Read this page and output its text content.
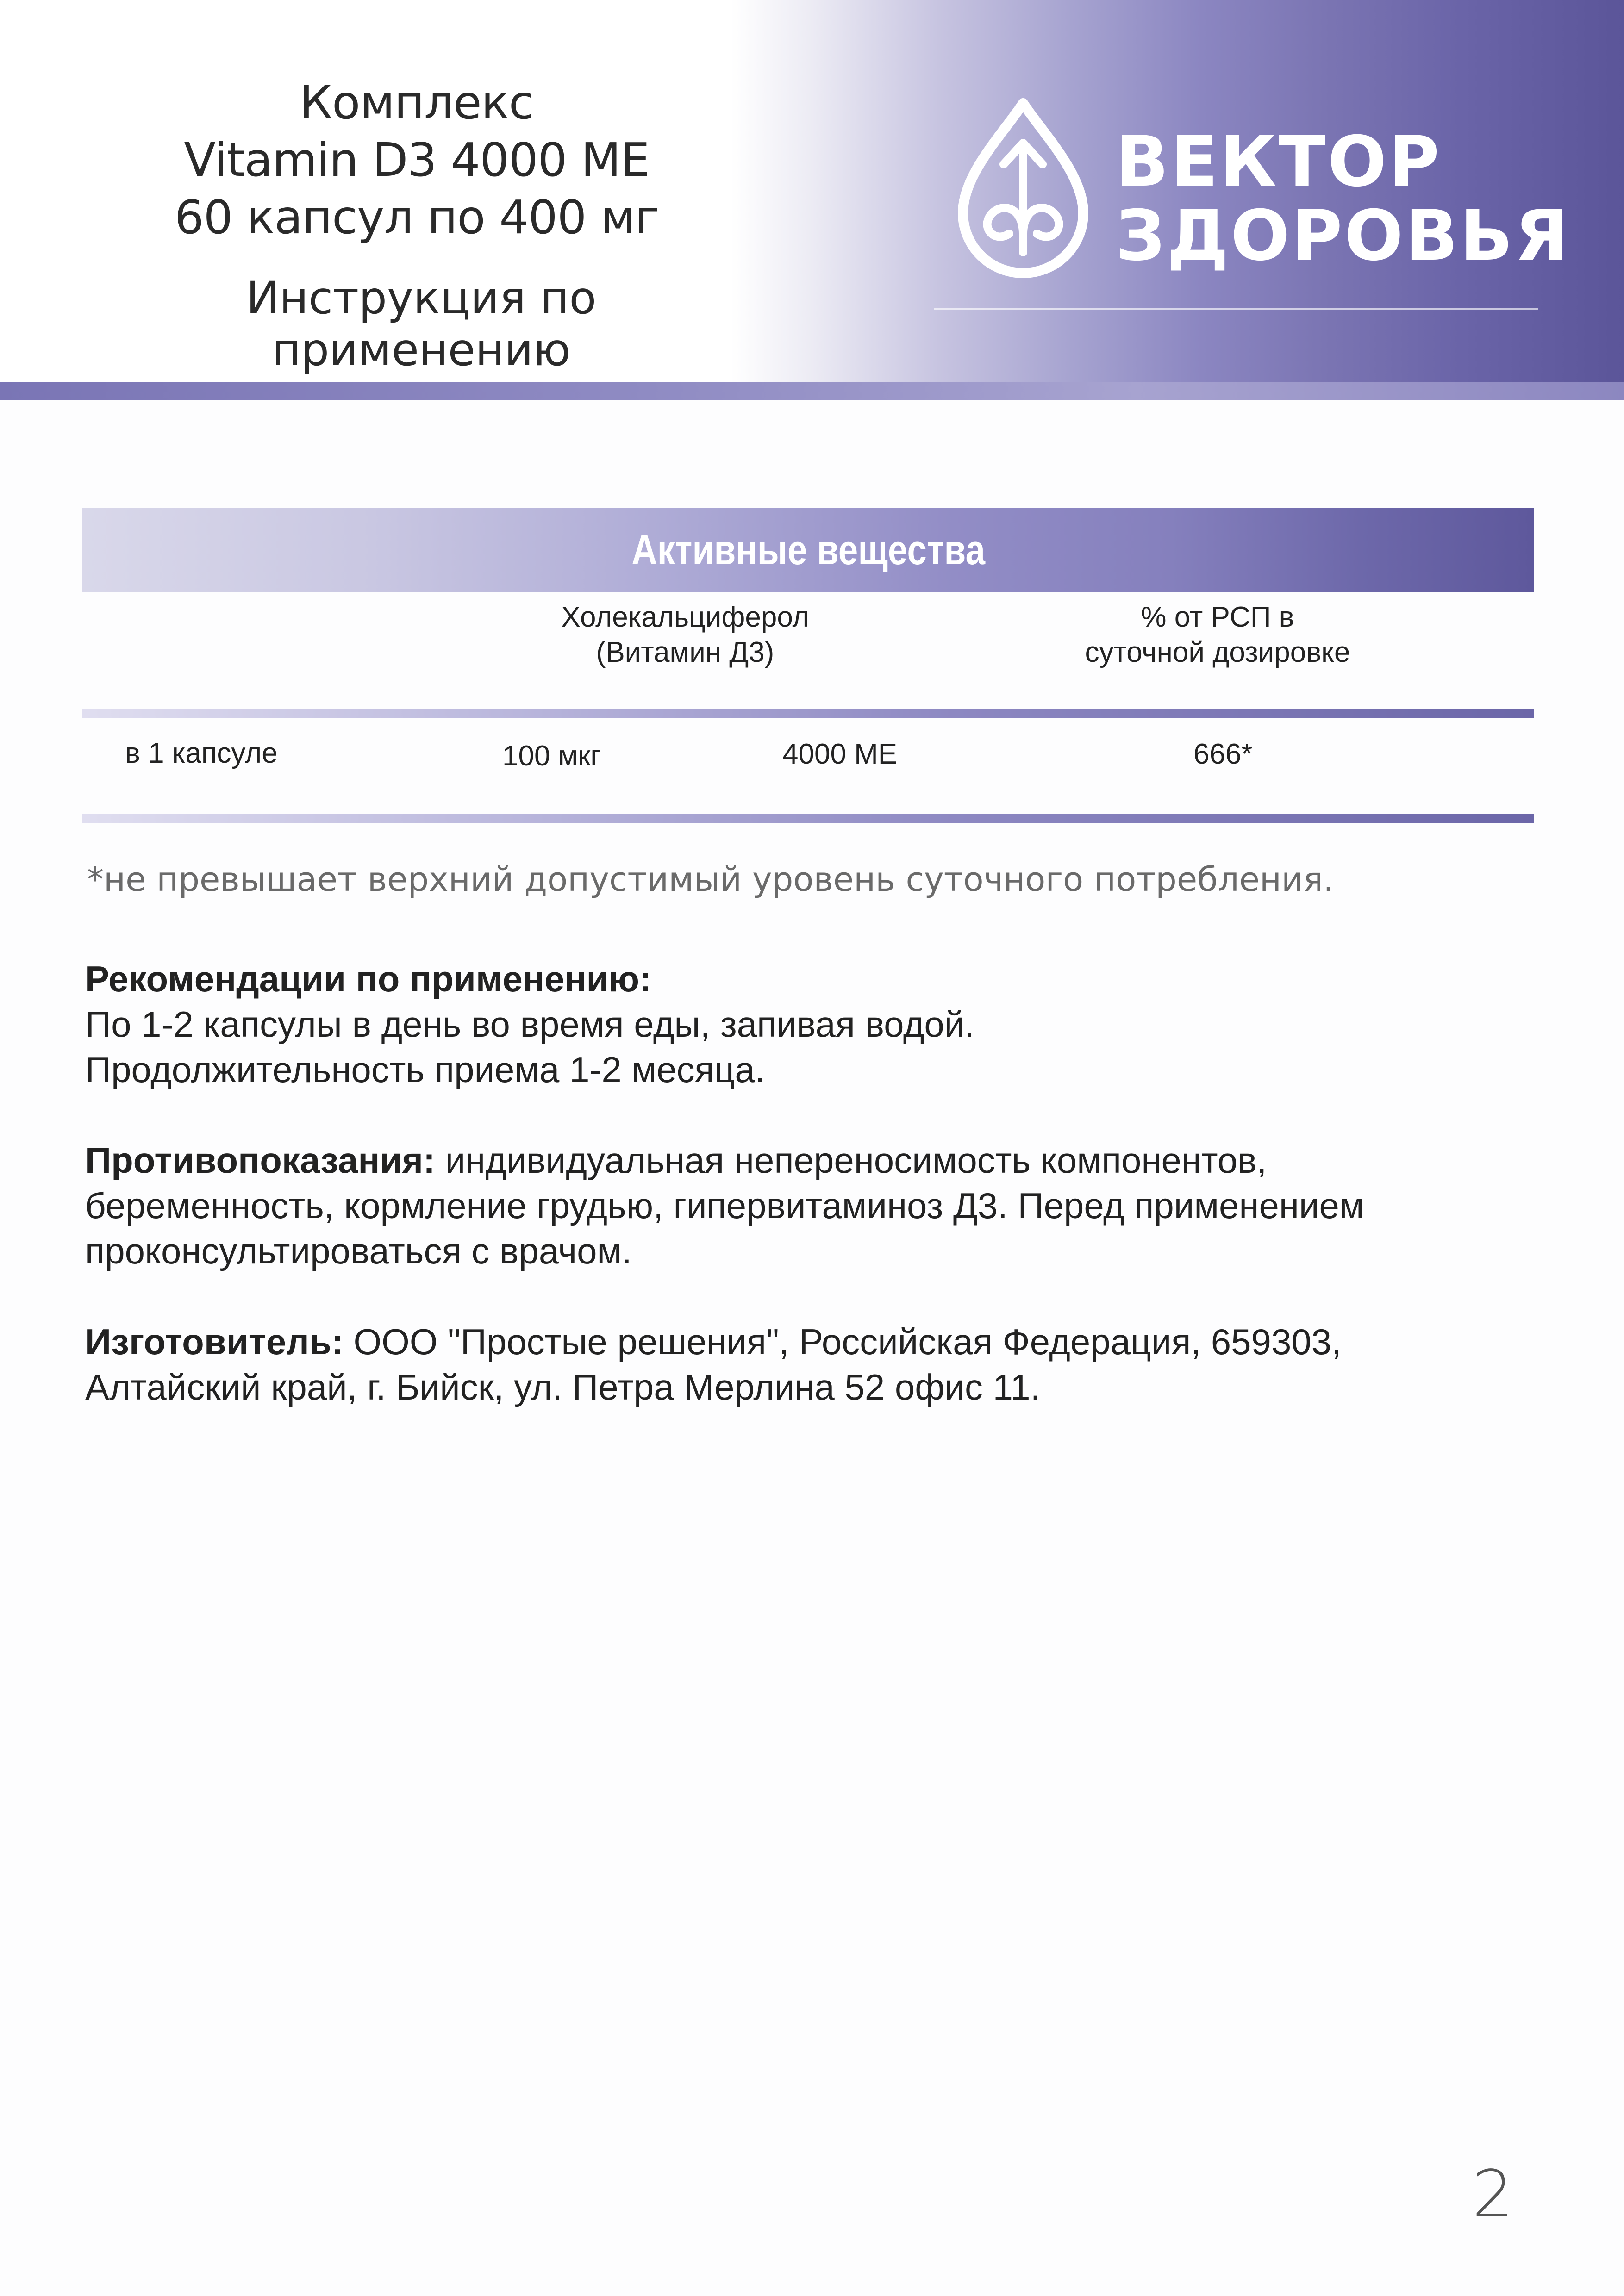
Комплекс
Vitamin D3 4000 МЕ
60 капсул по 400 мг
Инструкция по применению
ВЕКТОР
ЗДОРОВЬЯ
Активные вещества
Холекальциферол
(Витамин Д3)
% от РСП в
суточной дозировке
в 1 капсуле	100 мкг	4000 МЕ	666*
*не превышает верхний допустимый уровень суточного потребления.
Рекомендации по применению:
По 1-2 капсулы в день во время еды, запивая водой.
Продолжительность приема 1-2 месяца.
Противопоказания: индивидуальная непереносимость компонентов,
беременность, кормление грудью, гипервитаминоз Д3. Перед применением
проконсультироваться с врачом.
Изготовитель: ООО "Простые решения", Российская Федерация, 659303,
Алтайский край, г. Бийск, ул. Петра Мерлина 52 офис 11.
2
